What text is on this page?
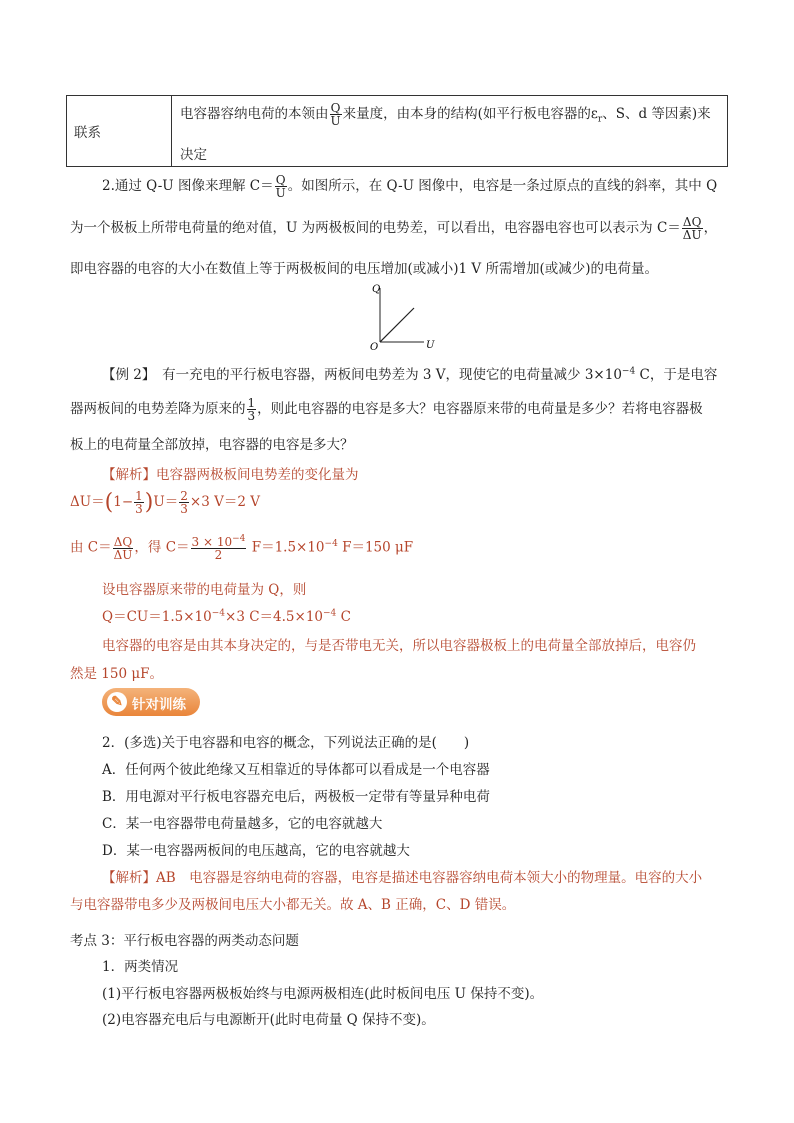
联系
电容器容纳电荷的本领由 $\frac{Q}{U}$ 来量度，由本身的结构(如平行板电容器的$\varepsilon_r$、S、d 等因素)来
决定
2.通过 Q-U 图像来理解 $C= \frac{Q}{U}$ 。如图所示，在 Q-U 图像中，电容是一条过原点的直线的斜率，其中 Q
为一个极板上所带电荷量的绝对值，U 为两极板间的电势差，可以看出，电容器电容也可以表示为 $C= \frac{\Delta Q}{\Delta U}$ ，
即电容器的电容的大小在数值上等于两极板间的电压增加(或减小)1 V 所需增加(或减少)的电荷量。
Q
U
O
【例 2】　有一充电的平行板电容器，两板间电势差为 3 V，现使它的电荷量减少 $3\times 10^{-4}$ C，于是电容
器两板间的电势差降为原来的 $\frac{1}{3}$ ，则此电容器的电容是多大？电容器原来带的电荷量是多少？若将电容器极
板上的电荷量全部放掉，电容器的电容是多大？
【解析】电容器两极板间电势差的变化量为
$\Delta U=(1- \frac{1}{3} )U= \frac{2}{3} \times 3$ V＝2 V
由 $C= \frac{\Delta Q}{\Delta U}$ ，得 $C= \frac{3 \times 10^{-4}}{2} F=1.5\times 10^{-4}$ F＝150 μF
设电容器原来带的电荷量为 Q，则
$Q=CU=1.5\times 10^{-4}\times 3$ $C=4.5\times 10^{-4}$ C
电容器的电容是由其本身决定的，与是否带电无关，所以电容器极板上的电荷量全部放掉后，电容仍
然是 150 μF。
✎ 针对训练
2．(多选)关于电容器和电容的概念，下列说法正确的是(　　)
A．任何两个彼此绝缘又互相靠近的导体都可以看成是一个电容器
B．用电源对平行板电容器充电后，两极板一定带有等量异种电荷
C．某一电容器带电荷量越多，它的电容就越大
D．某一电容器两板间的电压越高，它的电容就越大
【解析】AB　电容器是容纳电荷的容器，电容是描述电容器容纳电荷本领大小的物理量。电容的大小
与电容器带电多少及两极间电压大小都无关。故 A、B 正确，C、D 错误。
考点 3：平行板电容器的两类动态问题
1．两类情况
(1)平行板电容器两极板始终与电源两极相连(此时板间电压 U 保持不变)。
(2)电容器充电后与电源断开(此时电荷量 Q 保持不变)。
